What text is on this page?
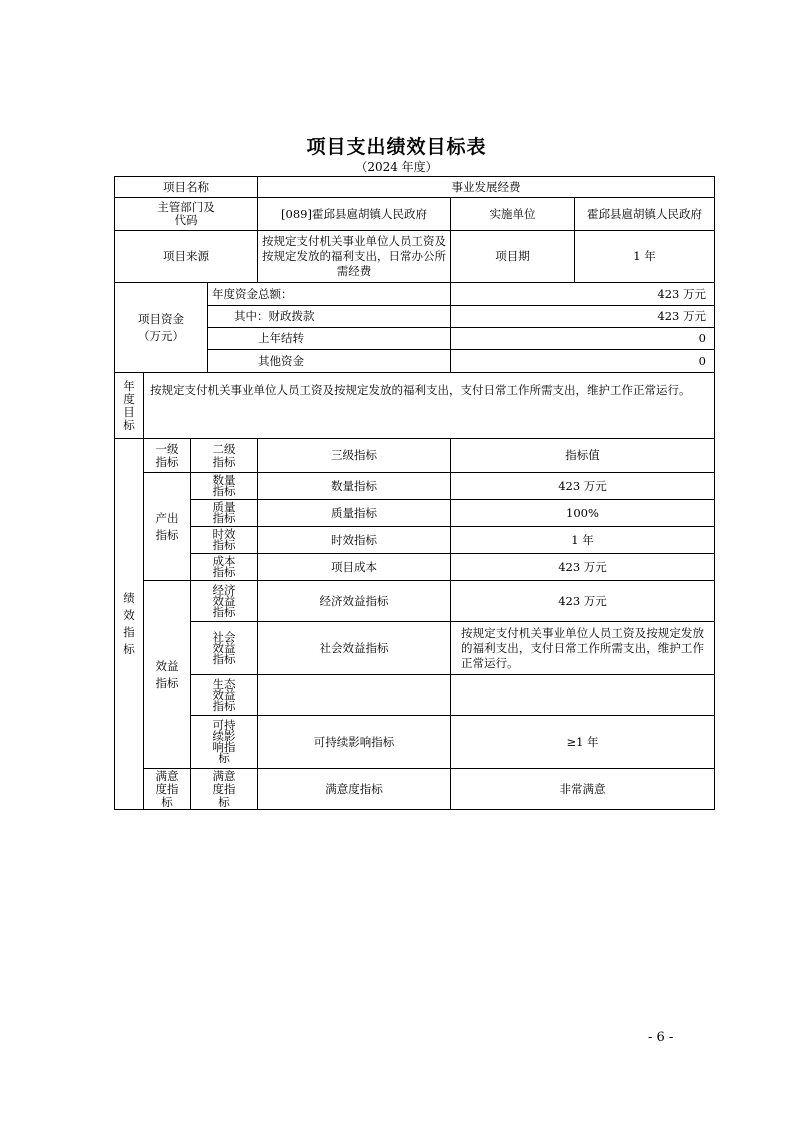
项目支出绩效目标表
（2024 年度）
项目名称				事业发展经费		

主管部门及代码				[089]霍邱县扈胡镇人民政府	实施单位	霍邱县扈胡镇人民政府
项目来源				按规定支付机关事业单位人员工资及按规定发放的福利支出，日常办公所需经费	项目期	1 年

项目资金（万元）			年度资金总额：		423 万元	
			其中：财政拨款		423 万元	
			上年结转		0	
			其他资金		0	

年度目标	按规定支付机关事业单位人员工资及按规定发放的福利支出，支付日常工作所需支出，维护工作正常运行。					

绩效指标	一级指标	二级指标		三级指标	指标值	

	产出指标	数量指标		数量指标	423 万元	

		质量指标		质量指标	100%	

		时效指标		时效指标	1 年	

		成本指标		项目成本	423 万元	

	效益指标	经济效益指标		经济效益指标	423 万元	

		社会效益指标		社会效益指标	按规定支付机关事业单位人员工资及按规定发放的福利支出，支付日常工作所需支出，维护工作正常运行。	

		生态效益指标				

		可持续影响指标		可持续影响指标	≥1 年	

	满意度指标	满意度指标		满意度指标	非常满意	
- 6 -
